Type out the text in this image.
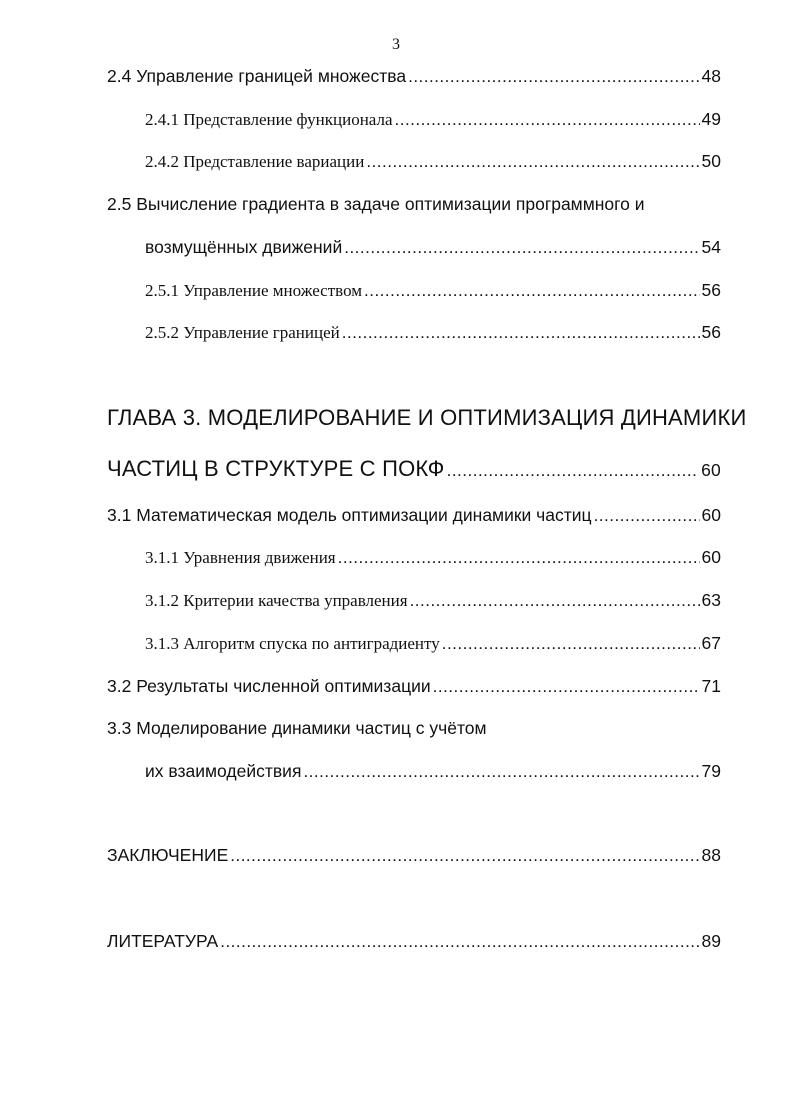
3
2.4 Управление границей множества .....	48
2.4.1 Представление функционала .....	49
2.4.2 Представление вариации .....	50
2.5 Вычисление градиента в задаче оптимизации программного и
возмущённых движений .....	54
2.5.1 Управление множеством .....	56
2.5.2 Управление границей .....	56
ГЛАВА 3. МОДЕЛИРОВАНИЕ И ОПТИМИЗАЦИЯ ДИНАМИКИ
ЧАСТИЦ В СТРУКТУРЕ С ПОКФ .....	60
3.1 Математическая модель оптимизации динамики частиц .....	60
3.1.1 Уравнения движения .....	60
3.1.2 Критерии качества управления .....	63
3.1.3 Алгоритм спуска по антиградиенту .....	67
3.2 Результаты численной оптимизации .....	71
3.3 Моделирование динамики частиц с учётом
их взаимодействия .....	79
ЗАКЛЮЧЕНИЕ .....	88
ЛИТЕРАТУРА .....	89
